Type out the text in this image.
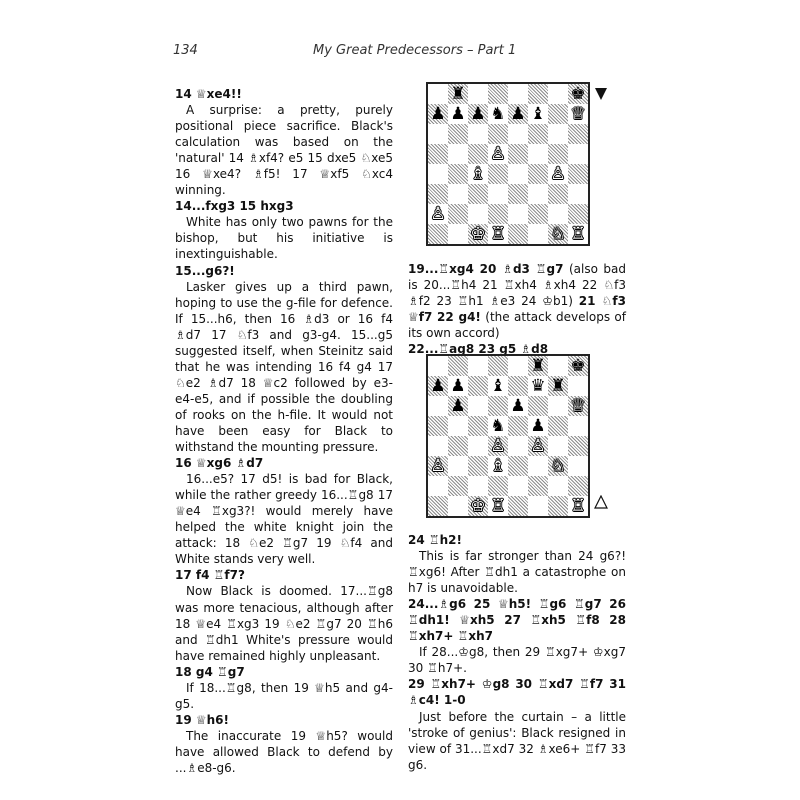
134	My Great Predecessors – Part 1

14 ♕xe4!!

A surprise: a pretty, purely positional piece sacrifice. Black's calculation was based on the 'natural' 14 ♗xf4? e5 15 dxe5 ♘xe5 16 ♕xe4? ♗f5! 17 ♕xf5 ♘xc4 winning.

14...fxg3 15 hxg3

White has only two pawns for the bishop, but his initiative is inextinguishable.

15...g6?!

Lasker gives up a third pawn, hoping to use the g-file for defence. If 15...h6, then 16 ♗d3 or 16 f4 ♗d7 17 ♘f3 and g3-g4. 15...g5 suggested itself, when Steinitz said that he was intending 16 f4 g4 17 ♘e2 ♗d7 18 ♕c2 followed by e3-e4-e5, and if possible the doubling of rooks on the h-file. It would not have been easy for Black to withstand the mounting pressure.

16 ♕xg6 ♗d7

16...e5? 17 d5! is bad for Black, while the rather greedy 16...♖g8 17 ♕e4 ♖xg3?! would merely have helped the white knight join the attack: 18 ♘e2 ♖g7 19 ♘f4 and White stands very well.

17 f4 ♖f7?

Now Black is doomed. 17...♖g8 was more tenacious, although after 18 ♕e4 ♖xg3 19 ♘e2 ♖g7 20 ♖h6 and ♖dh1 White's pressure would have remained highly unpleasant.

18 g4 ♖g7

If 18...♖g8, then 19 ♕h5 and g4-g5.

19 ♕h6!

The inaccurate 19 ♕h5? would have allowed Black to defend by ...♗e8-g6.

♜	♚
♟ ♟ ♟ ♞ ♟ ♝ ♕
♙
♗	♙
♙
♔ ♖	♘ ♖

19...♖xg4 20 ♗d3 ♖g7 (also bad is 20...♖h4 21 ♖xh4 ♗xh4 22 ♘f3 ♗f2 23 ♖h1 ♗e3 24 ♔b1) 21 ♘f3 ♕f7 22 g4! (the attack develops of its own accord)

22...♖ag8 23 g5 ♗d8

♜ ♚
♟ ♟ ♝ ♛ ♜
♟	♟	♕
♞ ♟
♙ ♙
♙	♗	♘
♔ ♖	♖

24 ♖h2!

This is far stronger than 24 g6?! ♖xg6! After ♖dh1 a catastrophe on h7 is unavoidable.

24...♗g6 25 ♕h5! ♖g6 ♖g7 26 ♖dh1! ♕xh5 27 ♖xh5 ♖f8 28 ♖xh7+ ♖xh7

If 28...♔g8, then 29 ♖xg7+ ♔xg7 30 ♖h7+.

29 ♖xh7+ ♔g8 30 ♖xd7 ♖f7 31 ♗c4! 1-0

Just before the curtain – a little 'stroke of genius': Black resigned in view of 31...♖xd7 32 ♗xe6+ ♖f7 33 g6.
